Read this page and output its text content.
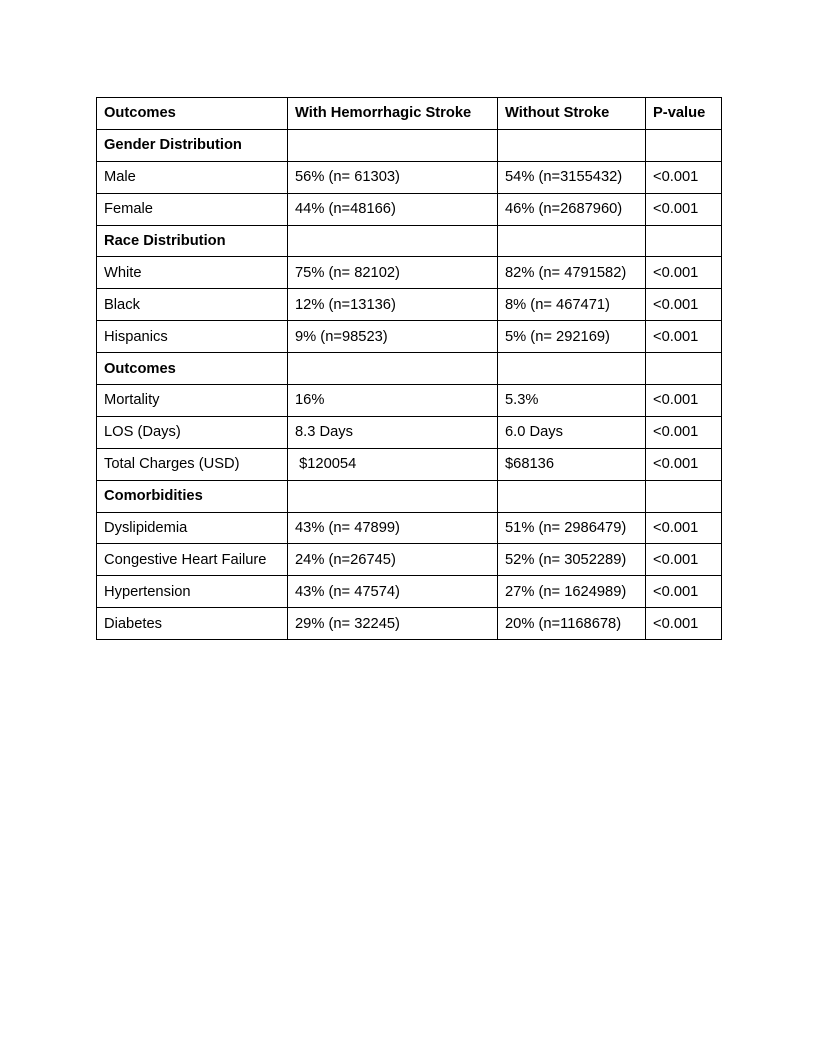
Outcomes	With Hemorrhagic Stroke	Without Stroke	P-value
Gender Distribution			
Male	56% (n= 61303)	54% (n=3155432)	<0.001
Female	44% (n=48166)	46% (n=2687960)	<0.001
Race Distribution			
White	75% (n= 82102)	82% (n= 4791582)	<0.001
Black	12% (n=13136)	8% (n= 467471)	<0.001
Hispanics	9% (n=98523)	5% (n= 292169)	<0.001
Outcomes			
Mortality	16%	5.3%	<0.001
LOS (Days)	8.3 Days	6.0 Days	<0.001
Total Charges (USD)	$120054	$68136	<0.001
Comorbidities			
Dyslipidemia	43% (n= 47899)	51% (n= 2986479)	<0.001
Congestive Heart Failure	24% (n=26745)	52% (n= 3052289)	<0.001
Hypertension	43% (n= 47574)	27% (n= 1624989)	<0.001
Diabetes	29% (n= 32245)	20% (n=1168678)	<0.001
